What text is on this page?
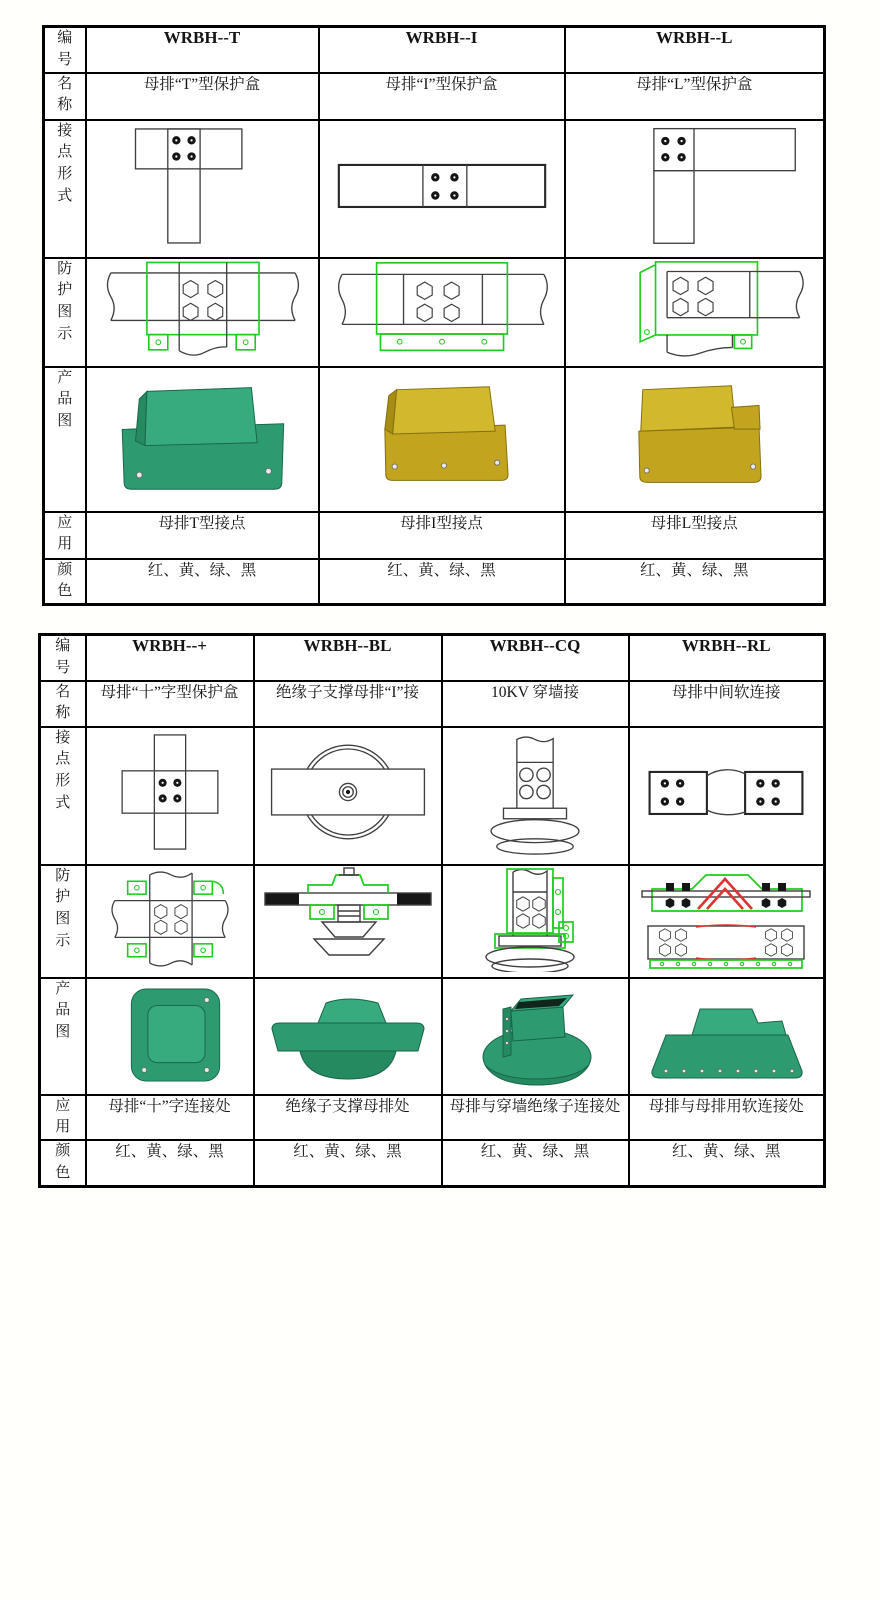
编号	WRBH--T	WRBH--I	WRBH--L

名称	母排“T”型保护盒	母排“I”型保护盒	母排“L”型保护盒

接点形式

防护图示

产品图

应用	母排T型接点	母排I型接点	母排L型接点

颜色	红、黄、绿、黑	红、黄、绿、黑	红、黄、绿、黑
编号	WRBH--+	WRBH--BL	WRBH--CQ	WRBH--RL

名称	母排“十”字型保护盒	绝缘子支撑母排“I”接	10KV 穿墙接	母排中间软连接

接点形式

防护图示

产品图

应用	母排“十”字连接处	绝缘子支撑母排处	母排与穿墙绝缘子连接处	母排与母排用软连接处

颜色	红、黄、绿、黑	红、黄、绿、黑	红、黄、绿、黑	红、黄、绿、黑
